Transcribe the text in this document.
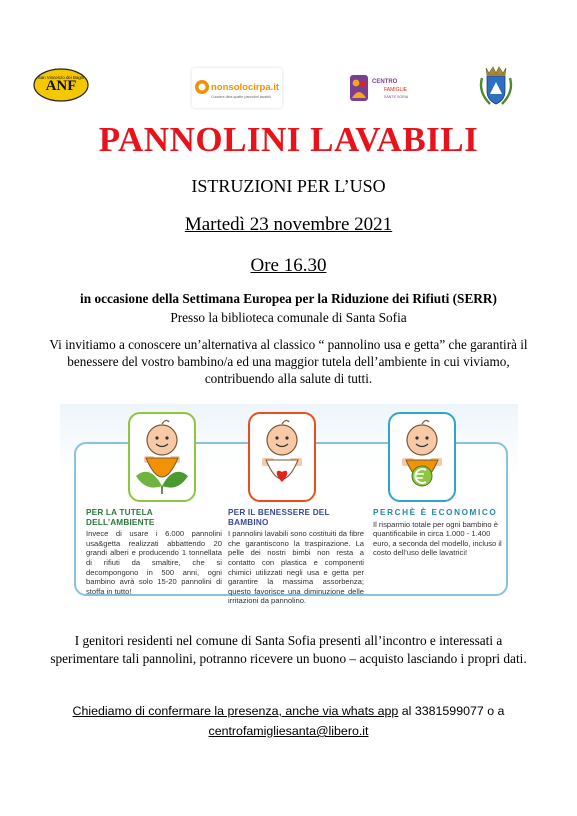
ANF
San Vincenzo dei Bagni
nonsolocirpa.it
Cuocere dina quatte pannolini lavabili
CENTRO
FAMIGLIE
SANTE SORIA
PANNOLINI LAVABILI
ISTRUZIONI PER L’USO
Martedì 23 novembre 2021
Ore 16.30
in occasione della Settimana Europea per la Riduzione dei Rifiuti (SERR)
Presso la biblioteca comunale di Santa Sofia
Vi invitiamo a conoscere un’alternativa al classico “ pannolino usa e getta” che garantirà il benessere del vostro bambino/a ed una maggior tutela dell’ambiente in cui viviamo, contribuendo alla salute di tutti.
PER LA TUTELA DELL’AMBIENTE
Invece di usare i 6.000 pannolini usa&getta realizzati abbattendo 20 grandi alberi e producendo 1 tonnellata di rifiuti da smaltire, che si decompongono in 500 anni, ogni bambino avrà solo 15-20 pannolini di stoffa in tutto!
PER IL BENESSERE DEL BAMBINO
I pannolini lavabili sono costituiti da fibre che garantiscono la traspirazione. La pelle dei nostri bimbi non resta a contatto con plastica e componenti chimici utilizzati negli usa e getta per garantire la massima assorbenza; questo favorisce una diminuzione delle irritazioni da pannolino.
PERCHÈ È ECONOMICO
Il risparmio totale per ogni bambino è quantificabile in circa 1.000 - 1.400 euro, a seconda del modello, incluso il costo dell’uso delle lavatrici!
I genitori residenti nel comune di Santa Sofia presenti all’incontro e interessati a sperimentare tali pannolini, potranno ricevere un buono – acquisto lasciando i propri dati.
Chiediamo di confermare la presenza, anche via whats app al 3381599077 o a
centrofamigliesanta@libero.it
